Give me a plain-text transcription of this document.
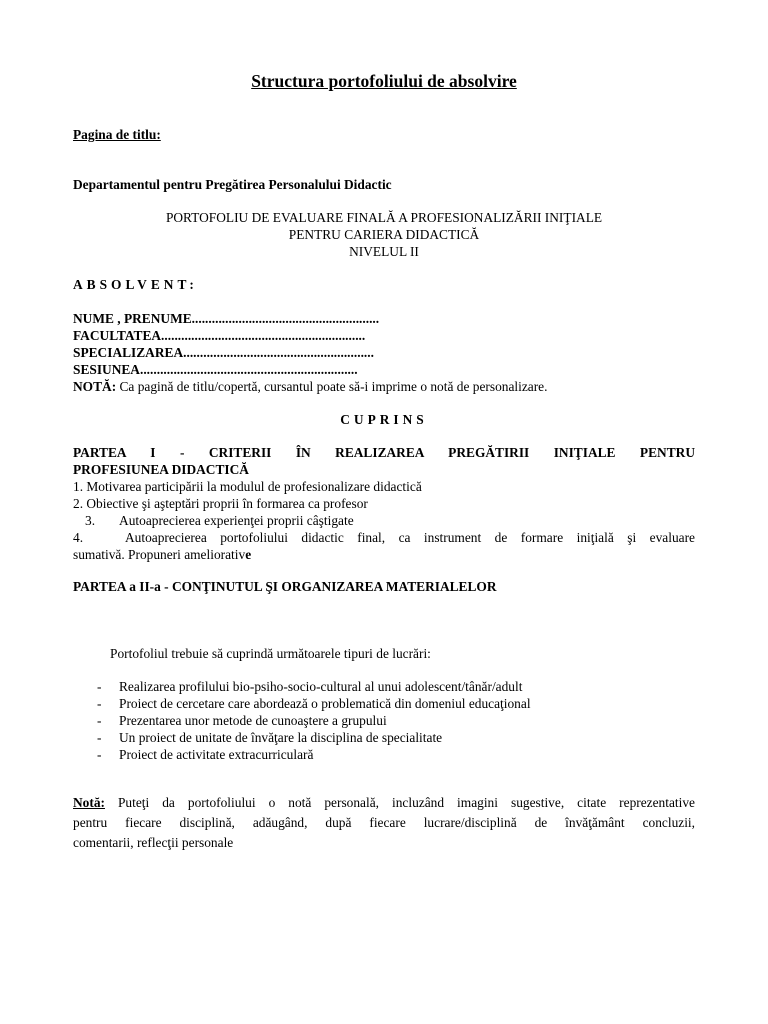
Structura portofoliului de absolvire
Pagina de titlu:
Departamentul pentru Pregătirea Personalului Didactic
PORTOFOLIU DE EVALUARE FINALĂ A PROFESIONALIZĂRII INIŢIALE
PENTRU CARIERA DIDACTICĂ
NIVELUL II
ABSOLVENT:
NUME , PRENUME........................................................
FACULTATEA.............................................................
SPECIALIZAREA.........................................................
SESIUNEA.................................................................
NOTĂ: Ca pagină de titlu/copertă, cursantul poate să-i imprime o notă de personalizare.
CUPRINS
PARTEA I - CRITERII ÎN REALIZAREA PREGĂTIRII INIŢIALE PENTRU
PROFESIUNEA DIDACTICĂ
1. Motivarea participării la modulul de profesionalizare didactică
2. Obiective şi aşteptări proprii în formarea ca profesor
3. Autoaprecierea experienţei proprii câştigate
4.	Autoaprecierea portofoliului didactic final, ca instrument de formare iniţială şi evaluare
sumativă. Propuneri ameliorative
PARTEA a II-a - CONŢINUTUL ŞI ORGANIZAREA MATERIALELOR
Portofoliul trebuie să cuprindă următoarele tipuri de lucrări:
- Realizarea profilului bio-psiho-socio-cultural al unui adolescent/tânăr/adult
- Proiect de cercetare care abordează o problematică din domeniul educaţional
- Prezentarea unor metode de cunoaştere a grupului
- Un proiect de unitate de învăţare la disciplina de specialitate
- Proiect de activitate extracurriculară
Notă: Puteţi da portofoliului o notă personală, incluzând imagini sugestive, citate reprezentative
pentru fiecare disciplină, adăugând, după fiecare lucrare/disciplină de învăţământ concluzii,
comentarii, reflecţii personale
